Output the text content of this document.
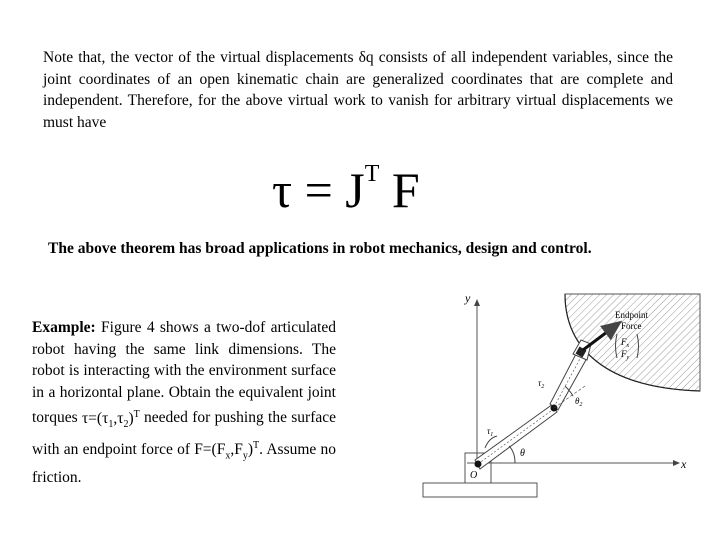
Note that, the vector of the virtual displacements δq consists of all independent variables, since the joint coordinates of an open kinematic chain are generalized coordinates that are complete and independent. Therefore, for the above virtual work to vanish for arbitrary virtual displacements we must have
$\tau = J^T$ F
The above theorem has broad applications in robot mechanics, design and control.
Example: Figure 4 shows a two-dof articulated robot having the same link dimensions. The robot is interacting with the environment surface in a horizontal plane. Obtain the equivalent joint torques $\tau=(\tau_1,\tau_2)^T$ needed for pushing the surface with an endpoint force of $F=(F_x,F_y)^T$. Assume no friction.
y
x
O
Endpoint
Force
$F_x$
$F_y$
$\tau_1$
θ
$\tau_2$
$\theta_2$
